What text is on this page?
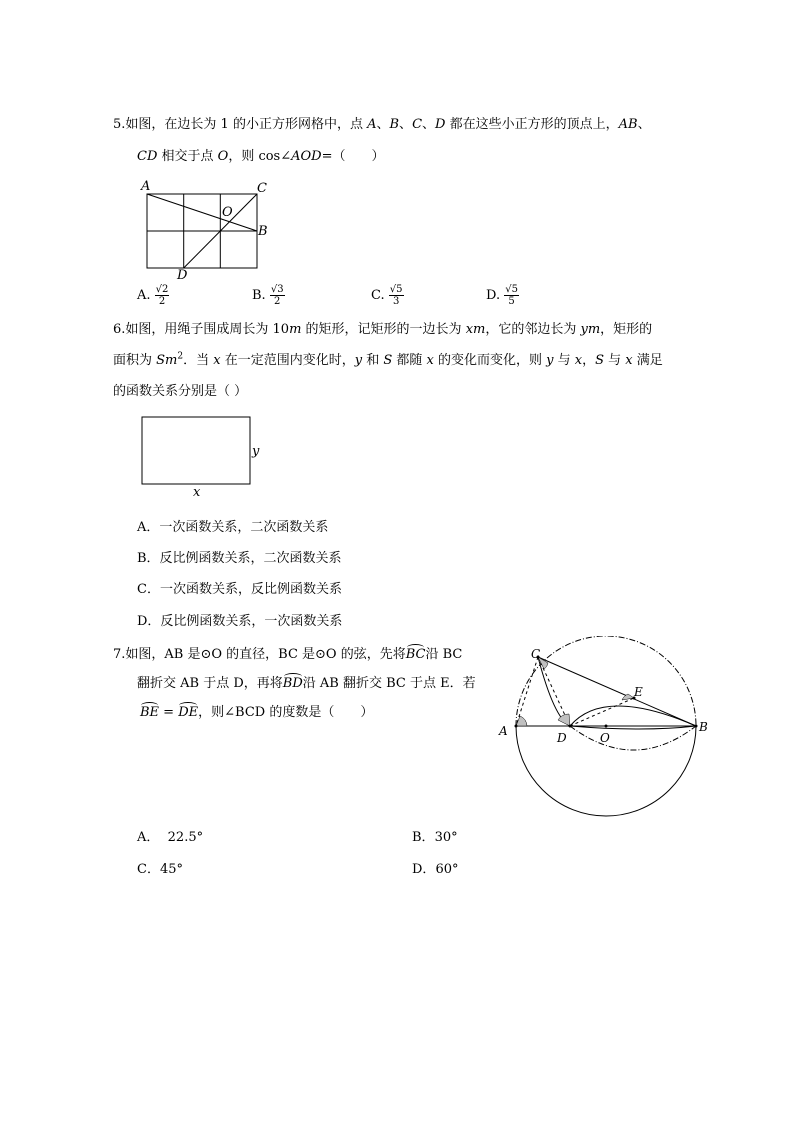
5.如图，在边长为 1 的小正方形网格中，点 A、B、C、D 都在这些小正方形的顶点上，AB、
CD 相交于点 O，则 cos∠AOD=（　　）
A	C
O
B
D
A. $\frac{√2}{2}$	B. $\frac{√3}{2}$	C. $\frac{√5}{3}$	D. $\frac{√5}{5}$
6.如图，用绳子围成周长为 10m 的矩形，记矩形的一边长为 xm，它的邻边长为 ym，矩形的
面积为 Sm$^2$．当 x 在一定范围内变化时，y 和 S 都随 x 的变化而变化，则 y 与 x，S 与 x 满足
的函数关系分别是（ ）
y
x
A．一次函数关系，二次函数关系
B．反比例函数关系，二次函数关系
C．一次函数关系，反比例函数关系
D．反比例函数关系，一次函数关系
7.如图，AB 是⊙O 的直径，BC 是⊙O 的弦，先将BC沿 BC
翻折交 AB 于点 D，再将BD沿 AB 翻折交 BC 于点 E．若
BE = DE，则∠BCD 的度数是（　　）
A
C
D	O
E
B
A． 22.5°	B．30°
C．45°	D．60°
